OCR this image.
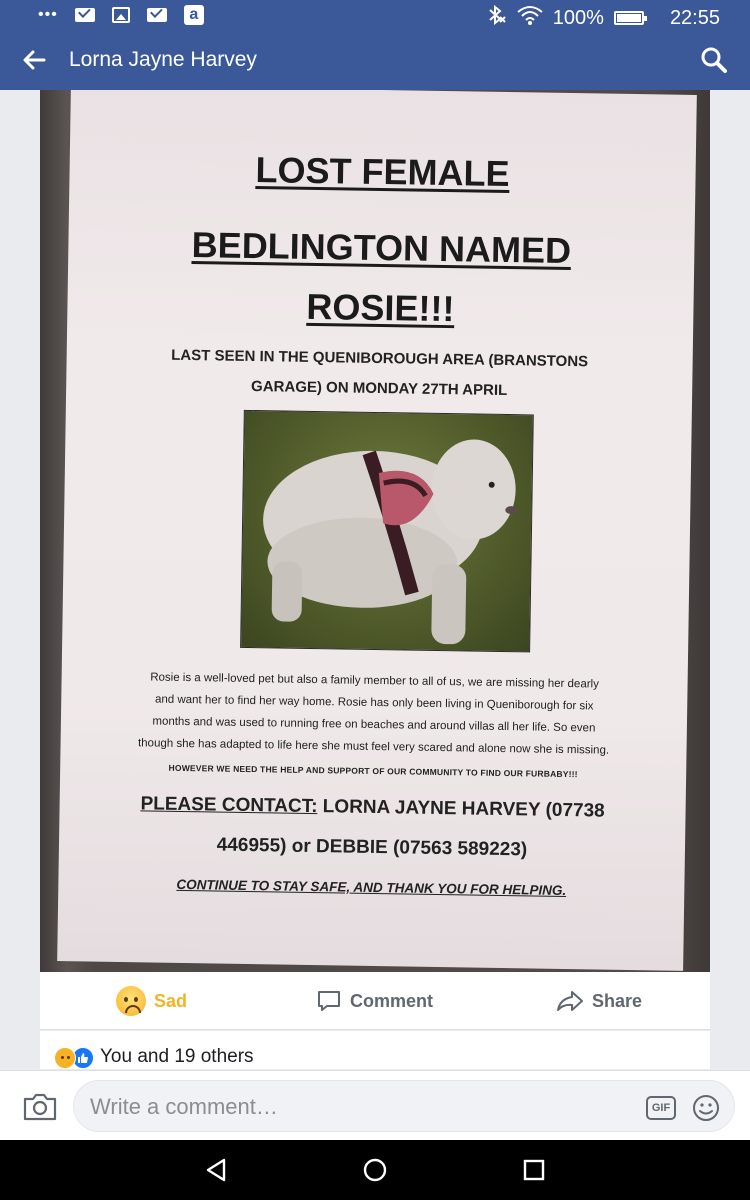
•••	a	100%	22:55
Lorna Jayne Harvey
LOST FEMALE
BEDLINGTON NAMED
ROSIE!!!
LAST SEEN IN THE QUENIBOROUGH AREA (BRANSTONS
GARAGE) ON MONDAY 27TH APRIL
Rosie is a well-loved pet but also a family member to all of us, we are missing her dearly
and want her to find her way home. Rosie has only been living in Queniborough for six
months and was used to running free on beaches and around villas all her life. So even
though she has adapted to life here she must feel very scared and alone now she is missing.
HOWEVER WE NEED THE HELP AND SUPPORT OF OUR COMMUNITY TO FIND OUR FURBABY!!!
PLEASE CONTACT: LORNA JAYNE HARVEY (07738
446955) or DEBBIE (07563 589223)
CONTINUE TO STAY SAFE, AND THANK YOU FOR HELPING.
Sad	Comment	Share
You and 19 others
Write a comment…	GIF
